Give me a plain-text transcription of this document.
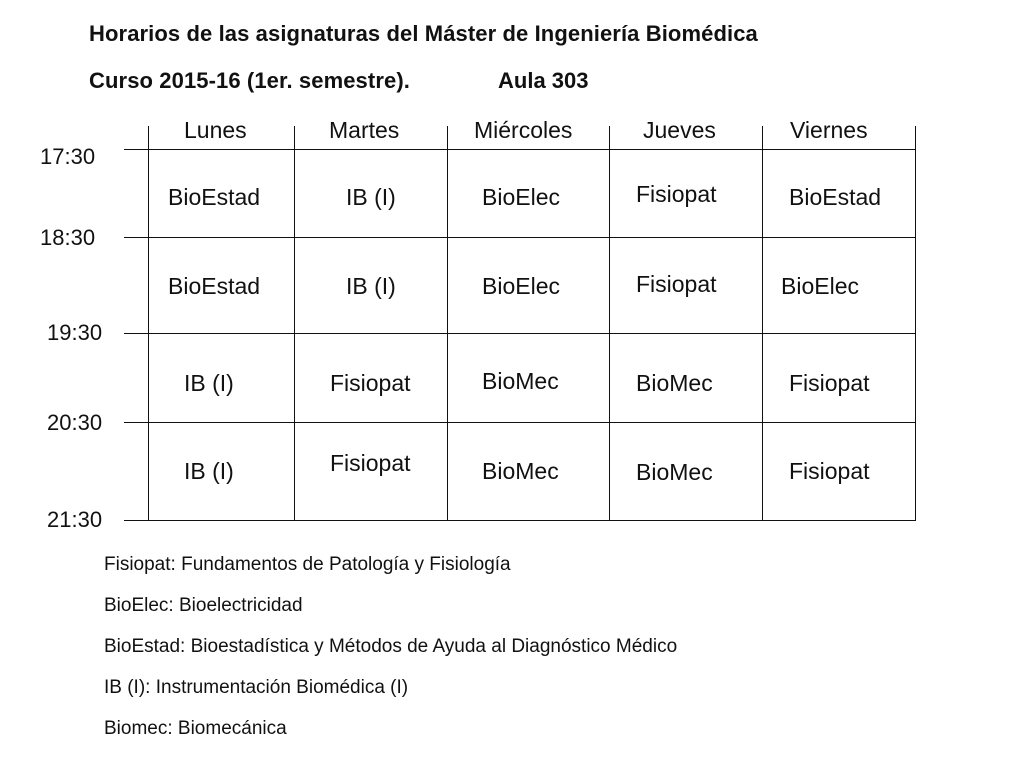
Horarios de las asignaturas del Máster de Ingeniería Biomédica
Curso 2015-16 (1er. semestre).	Aula 303
Lunes	Martes	Miércoles	Jueves	Viernes
17:30
18:30
19:30
20:30
21:30
BioEstad	IB (I)	BioElec	Fisiopat	BioEstad
BioEstad	IB (I)	BioElec	Fisiopat	BioElec
IB (I)	Fisiopat	BioMec	BioMec	Fisiopat
IB (I)	Fisiopat	BioMec	BioMec	Fisiopat
Fisiopat: Fundamentos de Patología y Fisiología
BioElec: Bioelectricidad
BioEstad: Bioestadística y Métodos de Ayuda al Diagnóstico Médico
IB (I): Instrumentación Biomédica (I)
Biomec: Biomecánica
